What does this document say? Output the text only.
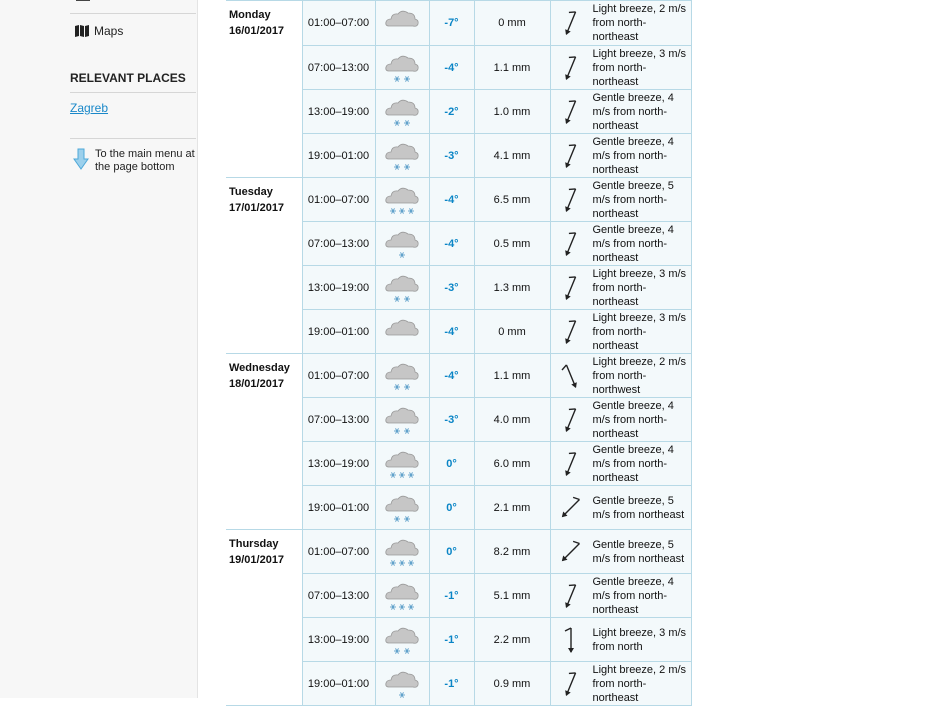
Maps
RELEVANT PLACES
Zagreb
To the main menu at the page bottom
Monday
16/01/2017	01:00–07:00		-7°	0 mm	Light breeze, 2 m/s from north-northeast

	07:00–13:00		-4°	1.1 mm	Light breeze, 3 m/s from north-northeast

	13:00–19:00		-2°	1.0 mm	Gentle breeze, 4 m/s from north-northeast

	19:00–01:00		-3°	4.1 mm	Gentle breeze, 4 m/s from north-northeast

Tuesday
17/01/2017	01:00–07:00		-4°	6.5 mm	Gentle breeze, 5 m/s from north-northeast

	07:00–13:00		-4°	0.5 mm	Gentle breeze, 4 m/s from north-northeast

	13:00–19:00		-3°	1.3 mm	Light breeze, 3 m/s from north-northeast

	19:00–01:00		-4°	0 mm	Light breeze, 3 m/s from north-northeast

Wednesday
18/01/2017	01:00–07:00		-4°	1.1 mm	Light breeze, 2 m/s from north-northwest

	07:00–13:00		-3°	4.0 mm	Gentle breeze, 4 m/s from north-northeast

	13:00–19:00		0°	6.0 mm	Gentle breeze, 4 m/s from north-northeast

	19:00–01:00		0°	2.1 mm	Gentle breeze, 5 m/s from northeast

Thursday
19/01/2017	01:00–07:00		0°	8.2 mm	Gentle breeze, 5 m/s from northeast

	07:00–13:00		-1°	5.1 mm	Gentle breeze, 4 m/s from north-northeast

	13:00–19:00		-1°	2.2 mm	Light breeze, 3 m/s from north

	19:00–01:00		-1°	0.9 mm	Light breeze, 2 m/s from north-northeast
